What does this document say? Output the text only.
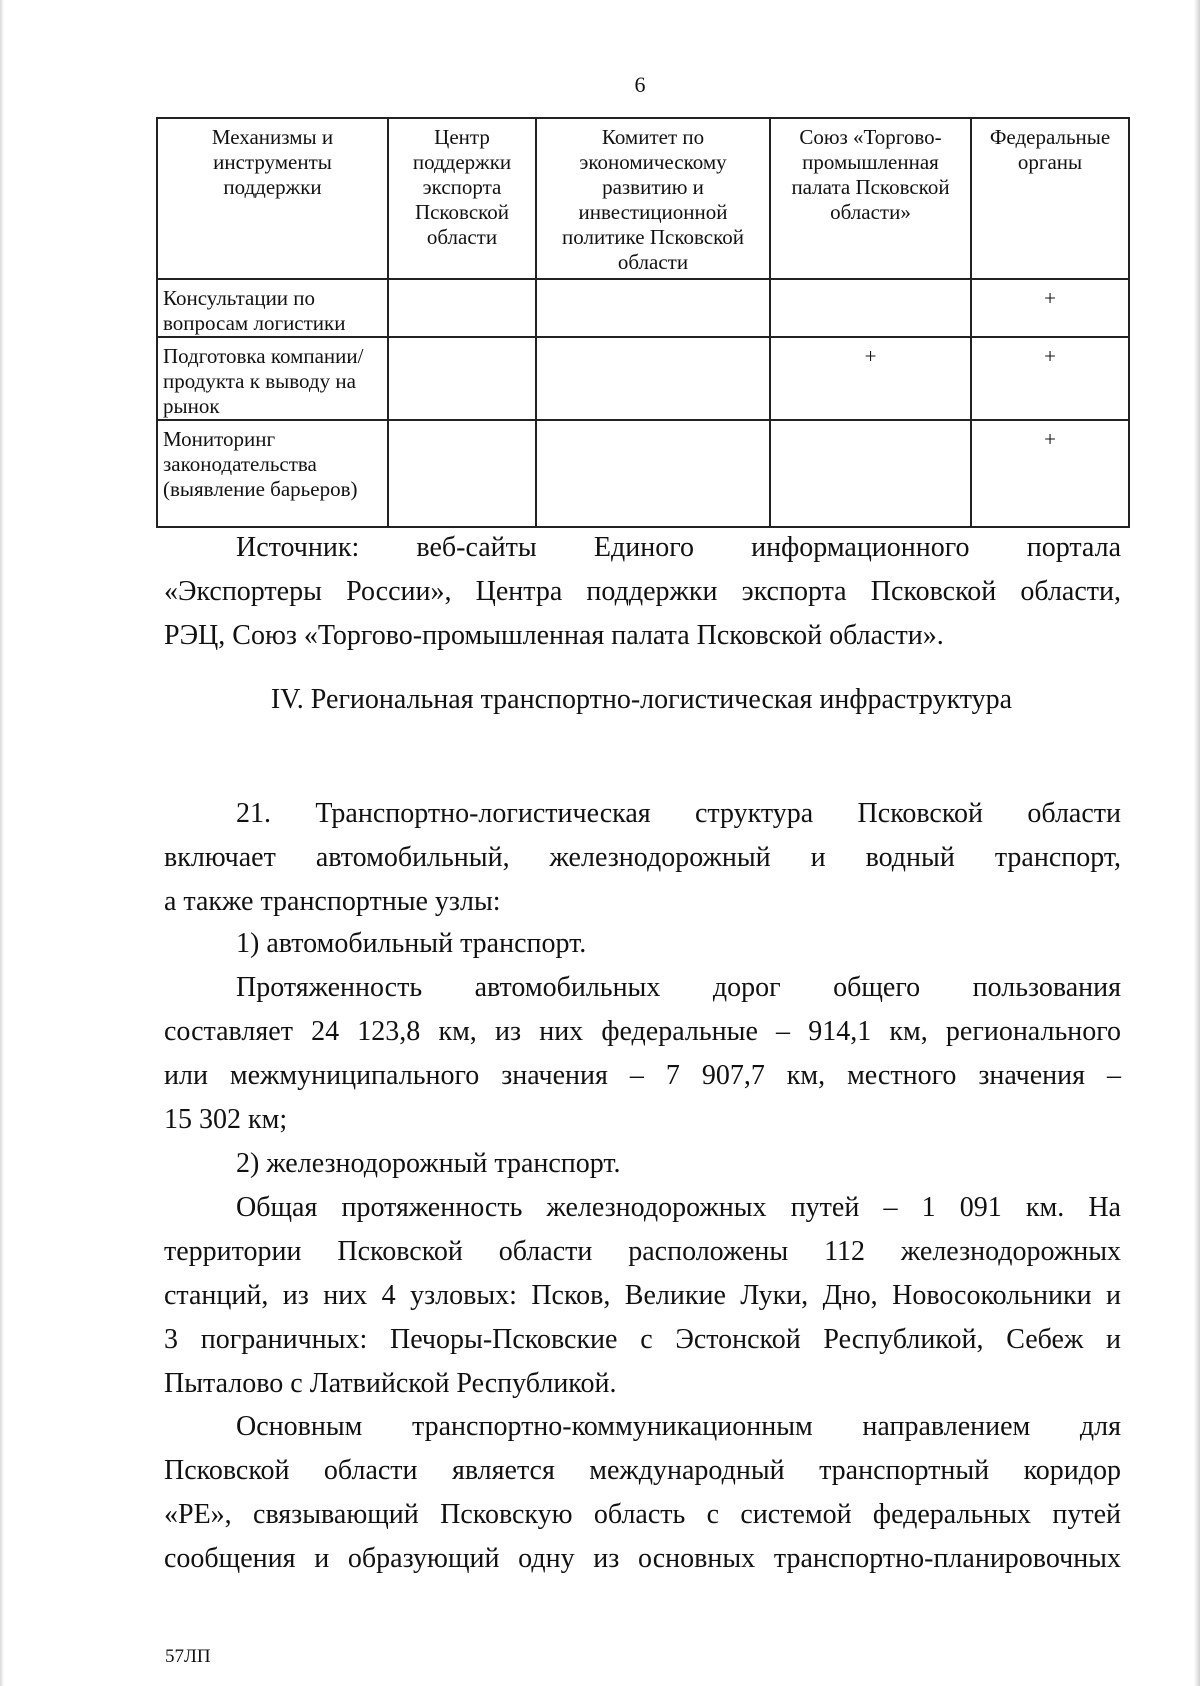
6
Механизмы и инструменты поддержки	Центр поддержки экспорта Псковской области	Комитет по экономическому развитию и инвестиционной политике Псковской области	Союз «Торгово-промышленная палата Псковской области»	Федеральные органы
Консультации по вопросам логистики				+
Подготовка компании/продукта к выводу на рынок			+	+
Мониторинг законодательства (выявление барьеров)				+
Источник: веб-сайты Единого информационного портала
«Экспортеры России», Центра поддержки экспорта Псковской области,
РЭЦ, Союз «Торгово-промышленная палата Псковской области».
IV. Региональная транспортно-логистическая инфраструктура
21. Транспортно-логистическая структура Псковской области
включает автомобильный, железнодорожный и водный транспорт,
а также транспортные узлы:
1) автомобильный транспорт.
Протяженность автомобильных дорог общего пользования
составляет 24 123,8 км, из них федеральные – 914,1 км, регионального
или межмуниципального значения – 7 907,7 км, местного значения –
15 302 км;
2) железнодорожный транспорт.
Общая протяженность железнодорожных путей – 1 091 км. На
территории Псковской области расположены 112 железнодорожных
станций, из них 4 узловых: Псков, Великие Луки, Дно, Новосокольники и
3 пограничных: Печоры-Псковские с Эстонской Республикой, Себеж и
Пыталово с Латвийской Республикой.
Основным транспортно-коммуникационным направлением для
Псковской области является международный транспортный коридор
«РЕ», связывающий Псковскую область с системой федеральных путей
сообщения и образующий одну из основных транспортно-планировочных
57ЛП
